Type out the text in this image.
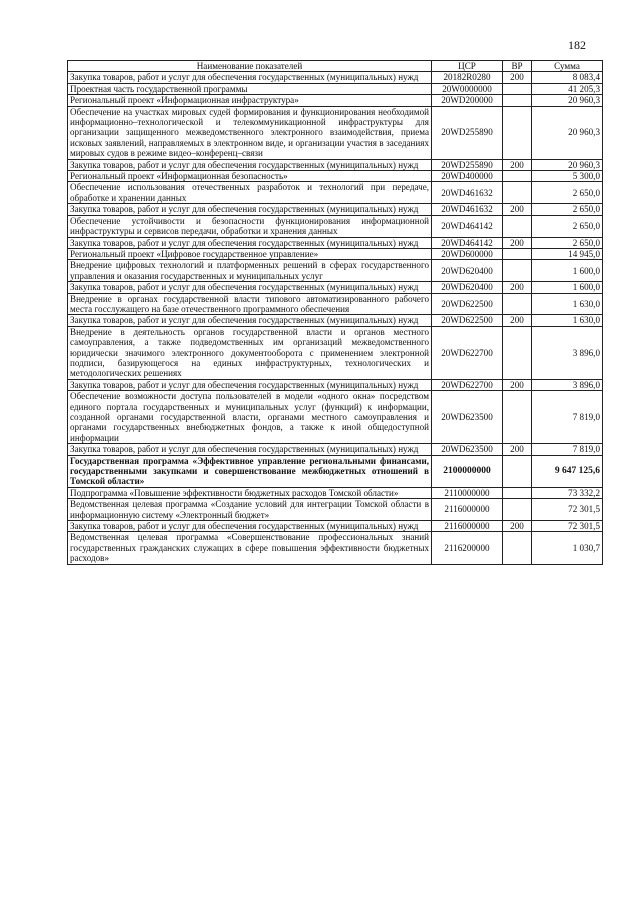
182
Наименование показателей	ЦСР	ВР	Сумма
Закупка товаров, работ и услуг для обеспечения государственных (муниципальных) нужд	20182R0280	200	8 083,4
Проектная часть государственной программы	20W0000000		41 205,3
Региональный проект «Информационная инфраструктура»	20WD200000		20 960,3
Обеспечение на участках мировых судей формирования и функционирования необходимой информационно–технологической и телекоммуникационной инфраструктуры для организации защищенного межведомственного электронного взаимодействия, приема исковых заявлений, направляемых в электронном виде, и организации участия в заседаниях мировых судов в режиме видео–конференц–связи	20WD255890		20 960,3
Закупка товаров, работ и услуг для обеспечения государственных (муниципальных) нужд	20WD255890	200	20 960,3
Региональный проект «Информационная безопасность»	20WD400000		5 300,0
Обеспечение использования отечественных разработок и технологий при передаче, обработке и хранении данных	20WD461632		2 650,0
Закупка товаров, работ и услуг для обеспечения государственных (муниципальных) нужд	20WD461632	200	2 650,0
Обеспечение устойчивости и безопасности функционирования информационной инфраструктуры и сервисов передачи, обработки и хранения данных	20WD464142		2 650,0
Закупка товаров, работ и услуг для обеспечения государственных (муниципальных) нужд	20WD464142	200	2 650,0
Региональный проект «Цифровое государственное управление»	20WD600000		14 945,0
Внедрение цифровых технологий и платформенных решений в сферах государственного управления и оказания государственных и муниципальных услуг	20WD620400		1 600,0
Закупка товаров, работ и услуг для обеспечения государственных (муниципальных) нужд	20WD620400	200	1 600,0
Внедрение в органах государственной власти типового автоматизированного рабочего места госслужащего на базе отечественного программного обеспечения	20WD622500		1 630,0
Закупка товаров, работ и услуг для обеспечения государственных (муниципальных) нужд	20WD622500	200	1 630,0
Внедрение в деятельность органов государственной власти и органов местного самоуправления, а также подведомственных им организаций межведомственного юридически значимого электронного документооборота с применением электронной подписи, базирующегося на единых инфраструктурных, технологических и методологических решениях	20WD622700		3 896,0
Закупка товаров, работ и услуг для обеспечения государственных (муниципальных) нужд	20WD622700	200	3 896,0
Обеспечение возможности доступа пользователей в модели «одного окна» посредством единого портала государственных и муниципальных услуг (функций) к информации, созданной органами государственной власти, органами местного самоуправления и органами государственных внебюджетных фондов, а также к иной общедоступной информации	20WD623500		7 819,0
Закупка товаров, работ и услуг для обеспечения государственных (муниципальных) нужд	20WD623500	200	7 819,0
Государственная программа «Эффективное управление региональными финансами, государственными закупками и совершенствование межбюджетных отношений в Томской области»	2100000000		9 647 125,6
Подпрограмма «Повышение эффективности бюджетных расходов Томской области»	2110000000		73 332,2
Ведомственная целевая программа «Создание условий для интеграции Томской области в информационную систему «Электронный бюджет»	2116000000		72 301,5
Закупка товаров, работ и услуг для обеспечения государственных (муниципальных) нужд	2116000000	200	72 301,5
Ведомственная целевая программа «Совершенствование профессиональных знаний государственных гражданских служащих в сфере повышения эффективности бюджетных расходов»	2116200000		1 030,7
